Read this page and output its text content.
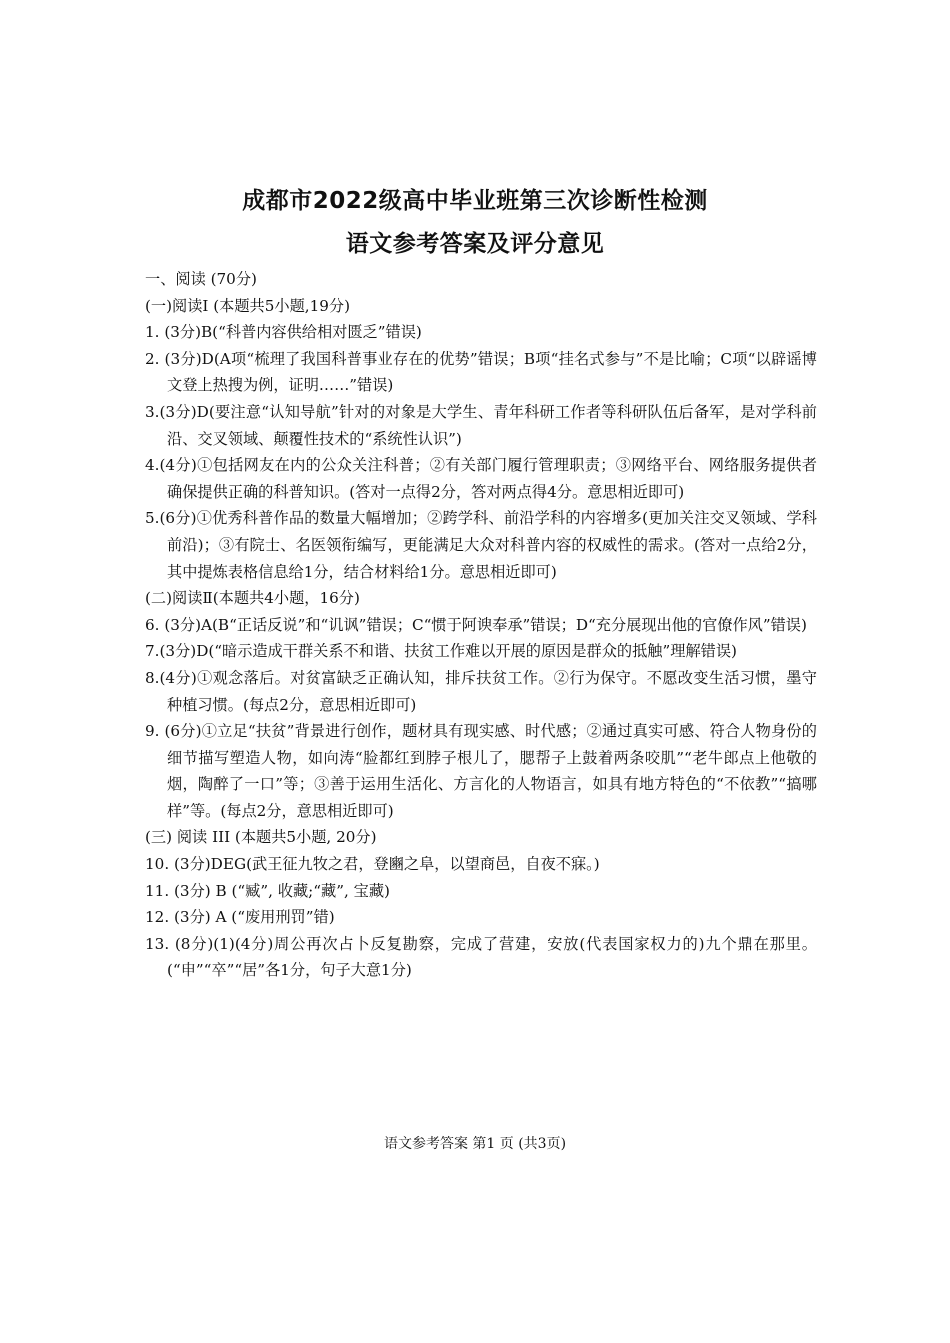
成都市2022级高中毕业班第三次诊断性检测
语文参考答案及评分意见

一、阅读 (70分)

(一)阅读Ⅰ (本题共5小题,19分)

1. (3分)B(“科普内容供给相对匮乏”错误)

2. (3分)D(A项“梳理了我国科普事业存在的优势”错误；B项“挂名式参与”不是比喻；C项“以辟谣博文登上热搜为例，证明……”错误)

3.(3分)D(要注意“认知导航”针对的对象是大学生、青年科研工作者等科研队伍后备军，是对学科前沿、交叉领域、颠覆性技术的“系统性认识”)

4.(4分)①包括网友在内的公众关注科普；②有关部门履行管理职责；③网络平台、网络服务提供者确保提供正确的科普知识。(答对一点得2分，答对两点得4分。意思相近即可)

5.(6分)①优秀科普作品的数量大幅增加；②跨学科、前沿学科的内容增多(更加关注交叉领域、学科前沿)；③有院士、名医领衔编写，更能满足大众对科普内容的权威性的需求。(答对一点给2分，其中提炼表格信息给1分，结合材料给1分。意思相近即可)

(二)阅读Ⅱ(本题共4小题，16分)

6. (3分)A(B“正话反说”和“讥讽”错误；C“惯于阿谀奉承”错误；D“充分展现出他的官僚作风”错误)

7.(3分)D(“暗示造成干群关系不和谐、扶贫工作难以开展的原因是群众的抵触”理解错误)

8.(4分)①观念落后。对贫富缺乏正确认知，排斥扶贫工作。②行为保守。不愿改变生活习惯，墨守种植习惯。(每点2分，意思相近即可)

9. (6分)①立足“扶贫”背景进行创作，题材具有现实感、时代感；②通过真实可感、符合人物身份的细节描写塑造人物，如向涛“脸都红到脖子根儿了，腮帮子上鼓着两条咬肌”“老牛郎点上他敬的烟，陶醉了一口”等；③善于运用生活化、方言化的人物语言，如具有地方特色的“不依教”“搞哪样”等。(每点2分，意思相近即可)

(三) 阅读 III (本题共5小题, 20分)

10. (3分)DEG(武王征九牧之君，登豳之阜，以望商邑，自夜不寐。)

11. (3分) B (“臧”, 收藏;“藏”, 宝藏)

12. (3分) A (“废用刑罚”错)

13. (8分)(1)(4分)周公再次占卜反复勘察，完成了营建，安放(代表国家权力的)九个鼎在那里。(“申”“卒”“居”各1分，句子大意1分)

语文参考答案 第1 页 (共3页)
